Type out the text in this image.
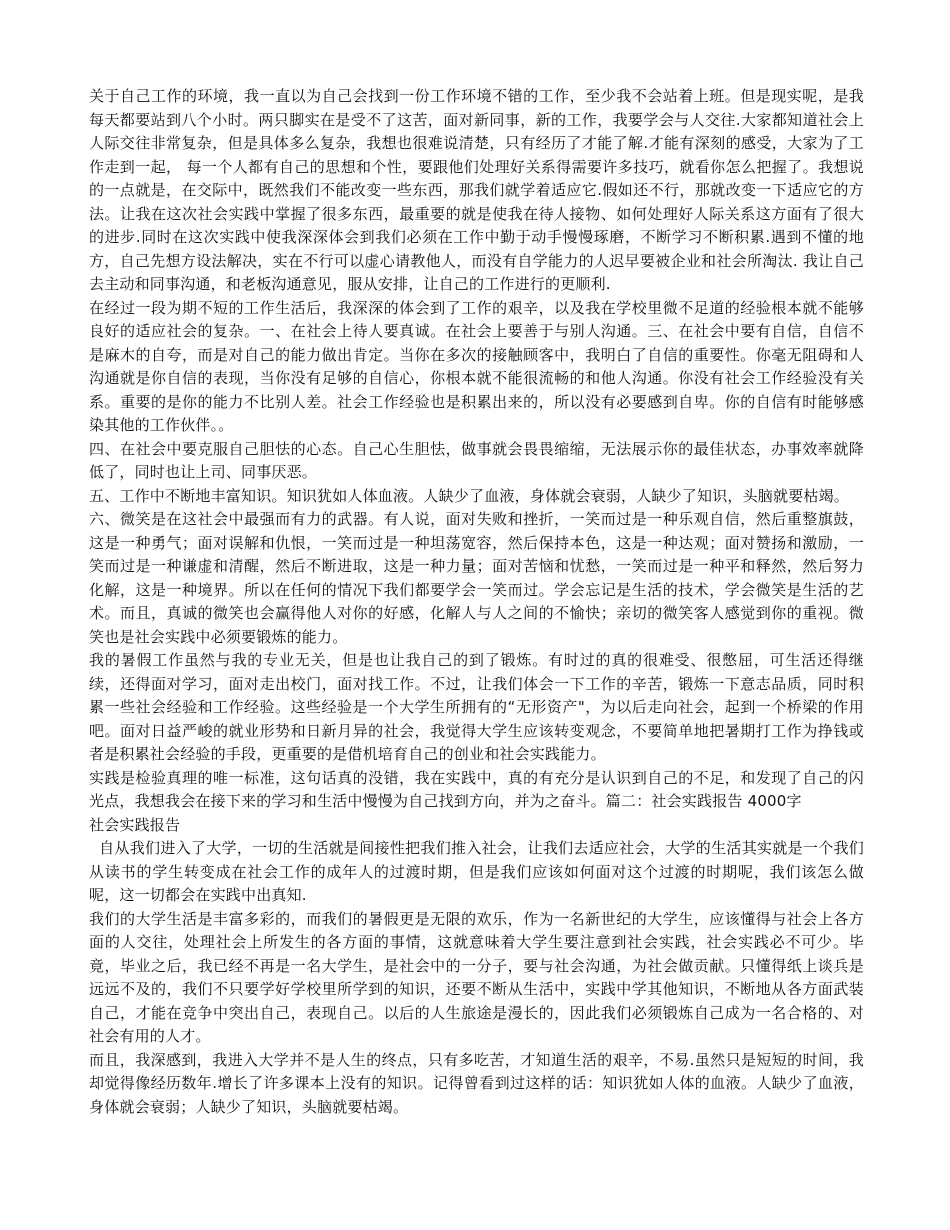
关于自己工作的环境，我一直以为自己会找到一份工作环境不错的工作，至少我不会站着上班。但是现实呢，是我每天都要站到八个小时。两只脚实在是受不了这苦，面对新同事，新的工作，我要学会与人交往.大家都知道社会上人际交往非常复杂，但是具体多么复杂，我想也很难说清楚，只有经历了才能了解.才能有深刻的感受，大家为了工作走到一起， 每一个人都有自己的思想和个性，要跟他们处理好关系得需要许多技巧，就看你怎么把握了。我想说的一点就是，在交际中，既然我们不能改变一些东西，那我们就学着适应它.假如还不行，那就改变一下适应它的方法。让我在这次社会实践中掌握了很多东西，最重要的就是使我在待人接物、如何处理好人际关系这方面有了很大的进步.同时在这次实践中使我深深体会到我们必须在工作中勤于动手慢慢琢磨，不断学习不断积累.遇到不懂的地方，自己先想方设法解决，实在不行可以虚心请教他人，而没有自学能力的人迟早要被企业和社会所淘汰. 我让自己去主动和同事沟通，和老板沟通意见，服从安排，让自己的工作进行的更顺利.

在经过一段为期不短的工作生活后，我深深的体会到了工作的艰辛，以及我在学校里微不足道的经验根本就不能够良好的适应社会的复杂。一、在社会上待人要真诚。在社会上要善于与别人沟通。三、在社会中要有自信，自信不是麻木的自夸，而是对自己的能力做出肯定。当你在多次的接触顾客中，我明白了自信的重要性。你毫无阻碍和人沟通就是你自信的表现，当你没有足够的自信心，你根本就不能很流畅的和他人沟通。你没有社会工作经验没有关系。重要的是你的能力不比别人差。社会工作经验也是积累出来的，所以没有必要感到自卑。你的自信有时能够感染其他的工作伙伴。。

四、在社会中要克服自己胆怯的心态。自己心生胆怯，做事就会畏畏缩缩，无法展示你的最佳状态，办事效率就降低了，同时也让上司、同事厌恶。

五、工作中不断地丰富知识。知识犹如人体血液。人缺少了血液，身体就会衰弱，人缺少了知识，头脑就要枯竭。

六、微笑是在这社会中最强而有力的武器。有人说，面对失败和挫折，一笑而过是一种乐观自信，然后重整旗鼓，这是一种勇气；面对误解和仇恨，一笑而过是一种坦荡宽容，然后保持本色，这是一种达观；面对赞扬和激励，一笑而过是一种谦虚和清醒，然后不断进取，这是一种力量；面对苦恼和忧愁，一笑而过是一种平和释然，然后努力化解，这是一种境界。所以在任何的情况下我们都要学会一笑而过。学会忘记是生活的技术，学会微笑是生活的艺术。而且，真诚的微笑也会赢得他人对你的好感，化解人与人之间的不愉快；亲切的微笑客人感觉到你的重视。微笑也是社会实践中必须要锻炼的能力。

我的暑假工作虽然与我的专业无关，但是也让我自己的到了锻炼。有时过的真的很难受、很憋屈，可生活还得继续，还得面对学习，面对走出校门，面对找工作。不过，让我们体会一下工作的辛苦，锻炼一下意志品质，同时积累一些社会经验和工作经验。这些经验是一个大学生所拥有的“无形资产"，为以后走向社会，起到一个桥梁的作用吧。面对日益严峻的就业形势和日新月异的社会，我觉得大学生应该转变观念，不要简单地把暑期打工作为挣钱或者是积累社会经验的手段，更重要的是借机培育自己的创业和社会实践能力。

实践是检验真理的唯一标准，这句话真的没错，我在实践中，真的有充分是认识到自己的不足，和发现了自己的闪光点，我想我会在接下来的学习和生活中慢慢为自己找到方向，并为之奋斗。篇二：社会实践报告 4000字

社会实践报告

自从我们进入了大学，一切的生活就是间接性把我们推入社会，让我们去适应社会，大学的生活其实就是一个我们从读书的学生转变成在社会工作的成年人的过渡时期，但是我们应该如何面对这个过渡的时期呢，我们该怎么做呢，这一切都会在实践中出真知.

我们的大学生活是丰富多彩的，而我们的暑假更是无限的欢乐，作为一名新世纪的大学生，应该懂得与社会上各方面的人交往，处理社会上所发生的各方面的事情，这就意味着大学生要注意到社会实践，社会实践必不可少。毕竟，毕业之后，我已经不再是一名大学生，是社会中的一分子，要与社会沟通，为社会做贡献。只懂得纸上谈兵是远远不及的，我们不只要学好学校里所学到的知识，还要不断从生活中，实践中学其他知识，不断地从各方面武装自己，才能在竞争中突出自己，表现自己。以后的人生旅途是漫长的，因此我们必须锻炼自己成为一名合格的、对社会有用的人才。

而且，我深感到，我进入大学并不是人生的终点，只有多吃苦，才知道生活的艰辛，不易.虽然只是短短的时间，我却觉得像经历数年.增长了许多课本上没有的知识。记得曾看到过这样的话：知识犹如人体的血液。人缺少了血液，身体就会衰弱；人缺少了知识，头脑就要枯竭。
